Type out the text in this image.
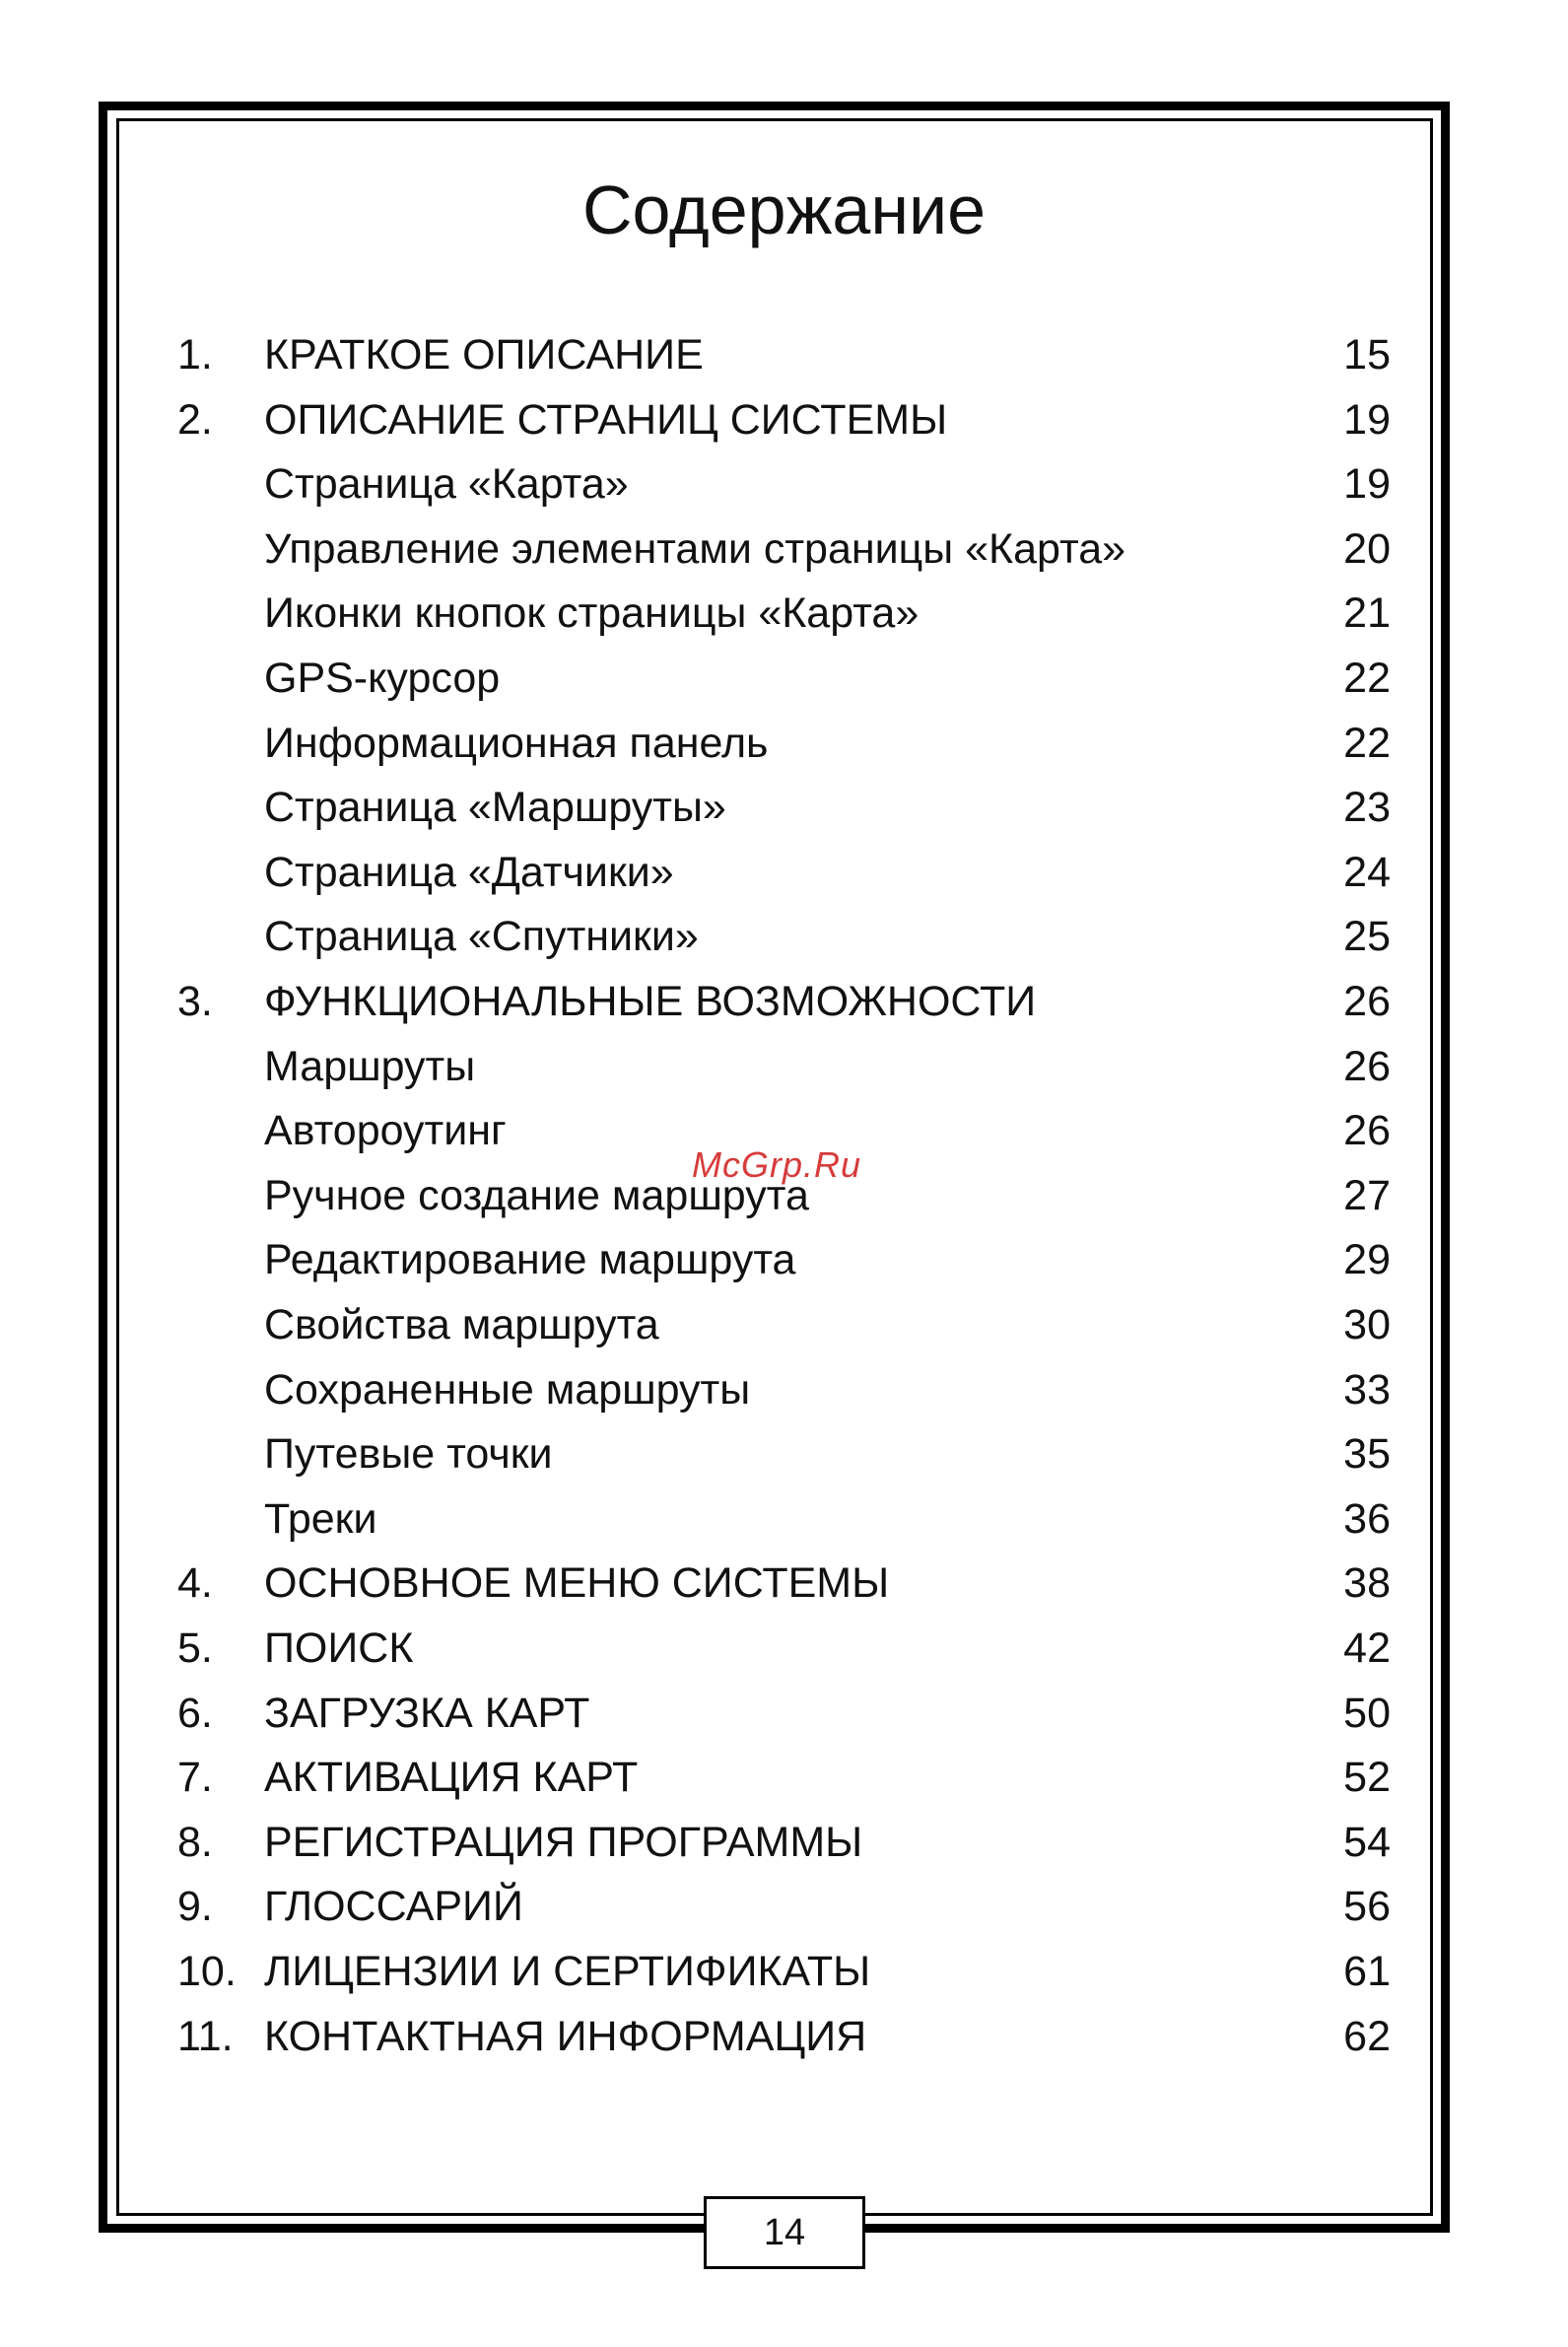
Содержание
1. КРАТКОЕ ОПИСАНИЕ	15
2. ОПИСАНИЕ СТРАНИЦ СИСТЕМЫ	19
Страница «Карта»	19
Управление элементами страницы «Карта»	20
Иконки кнопок страницы «Карта»	21
GPS-курсор	22
Информационная панель	22
Страница «Маршруты»	23
Страница «Датчики»	24
Страница «Спутники»	25
3. ФУНКЦИОНАЛЬНЫЕ ВОЗМОЖНОСТИ	26
Маршруты	26
Автороутинг	26
Ручное создание маршрута	27
Редактирование маршрута	29
Свойства маршрута	30
Сохраненные маршруты	33
Путевые точки	35
Треки	36
4. ОСНОВНОЕ МЕНЮ СИСТЕМЫ	38
5. ПОИСК	42
6. ЗАГРУЗКА КАРТ	50
7. АКТИВАЦИЯ КАРТ	52
8. РЕГИСТРАЦИЯ ПРОГРАММЫ	54
9. ГЛОССАРИЙ	56
10. ЛИЦЕНЗИИ И СЕРТИФИКАТЫ	61
11. КОНТАКТНАЯ ИНФОРМАЦИЯ	62
McGrp.Ru
14
